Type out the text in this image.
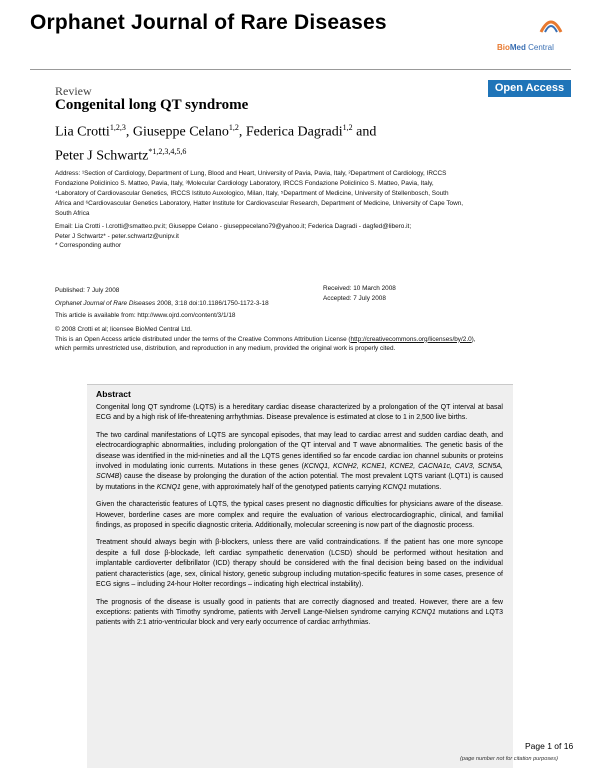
Orphanet Journal of Rare Diseases
BioMed Central
Review	Open Access
Congenital long QT syndrome
Lia Crotti$^{1,2,3}$, Giuseppe Celano$^{1,2}$, Federica Dagradi$^{1,2}$ and
Peter J Schwartz$^{*1,2,3,4,5,6}$
Address: ¹Section of Cardiology, Department of Lung, Blood and Heart, University of Pavia, Pavia, Italy, ²Department of Cardiology, IRCCS
Fondazione Policlinico S. Matteo, Pavia, Italy, ³Molecular Cardiology Laboratory, IRCCS Fondazione Policlinico S. Matteo, Pavia, Italy,
⁴Laboratory of Cardiovascular Genetics, IRCCS Istituto Auxologico, Milan, Italy, ⁵Department of Medicine, University of Stellenbosch, South
Africa and ⁶Cardiovascular Genetics Laboratory, Hatter Institute for Cardiovascular Research, Department of Medicine, University of Cape Town,
South Africa
Email: Lia Crotti - l.crotti@smatteo.pv.it; Giuseppe Celano - giuseppecelano79@yahoo.it; Federica Dagradi - dagfed@libero.it;
Peter J Schwartz* - peter.schwartz@unipv.it
* Corresponding author
Published: 7 July 2008
Orphanet Journal of Rare Diseases 2008, 3:18 doi:10.1186/1750-1172-3-18
Received: 10 March 2008
Accepted: 7 July 2008
This article is available from: http://www.ojrd.com/content/3/1/18
© 2008 Crotti et al; licensee BioMed Central Ltd.
This is an Open Access article distributed under the terms of the Creative Commons Attribution License (http://creativecommons.org/licenses/by/2.0),
which permits unrestricted use, distribution, and reproduction in any medium, provided the original work is properly cited.
Abstract

Congenital long QT syndrome (LQTS) is a hereditary cardiac disease characterized by a prolongation of the QT interval at basal ECG and by a high risk of life-threatening arrhythmias. Disease prevalence is estimated at close to 1 in 2,500 live births.

The two cardinal manifestations of LQTS are syncopal episodes, that may lead to cardiac arrest and sudden cardiac death, and electrocardiographic abnormalities, including prolongation of the QT interval and T wave abnormalities. The genetic basis of the disease was identified in the mid-nineties and all the LQTS genes identified so far encode cardiac ion channel subunits or proteins involved in modulating ionic currents. Mutations in these genes (KCNQ1, KCNH2, KCNE1, KCNE2, CACNA1c, CAV3, SCN5A, SCN4B) cause the disease by prolonging the duration of the action potential. The most prevalent LQTS variant (LQT1) is caused by mutations in the KCNQ1 gene, with approximately half of the genotyped patients carrying KCNQ1 mutations.

Given the characteristic features of LQTS, the typical cases present no diagnostic difficulties for physicians aware of the disease. However, borderline cases are more complex and require the evaluation of various electrocardiographic, clinical, and familial findings, as proposed in specific diagnostic criteria. Additionally, molecular screening is now part of the diagnostic process.

Treatment should always begin with β-blockers, unless there are valid contraindications. If the patient has one more syncope despite a full dose β-blockade, left cardiac sympathetic denervation (LCSD) should be performed without hesitation and implantable cardioverter defibrillator (ICD) therapy should be considered with the final decision being based on the individual patient characteristics (age, sex, clinical history, genetic subgroup including mutation-specific features in some cases, presence of ECG signs – including 24-hour Holter recordings – indicating high electrical instability).

The prognosis of the disease is usually good in patients that are correctly diagnosed and treated. However, there are a few exceptions: patients with Timothy syndrome, patients with Jervell Lange-Nielsen syndrome carrying KCNQ1 mutations and LQT3 patients with 2:1 atrio-ventricular block and very early occurrence of cardiac arrhythmias.

Page 1 of 16
(page number not for citation purposes)
